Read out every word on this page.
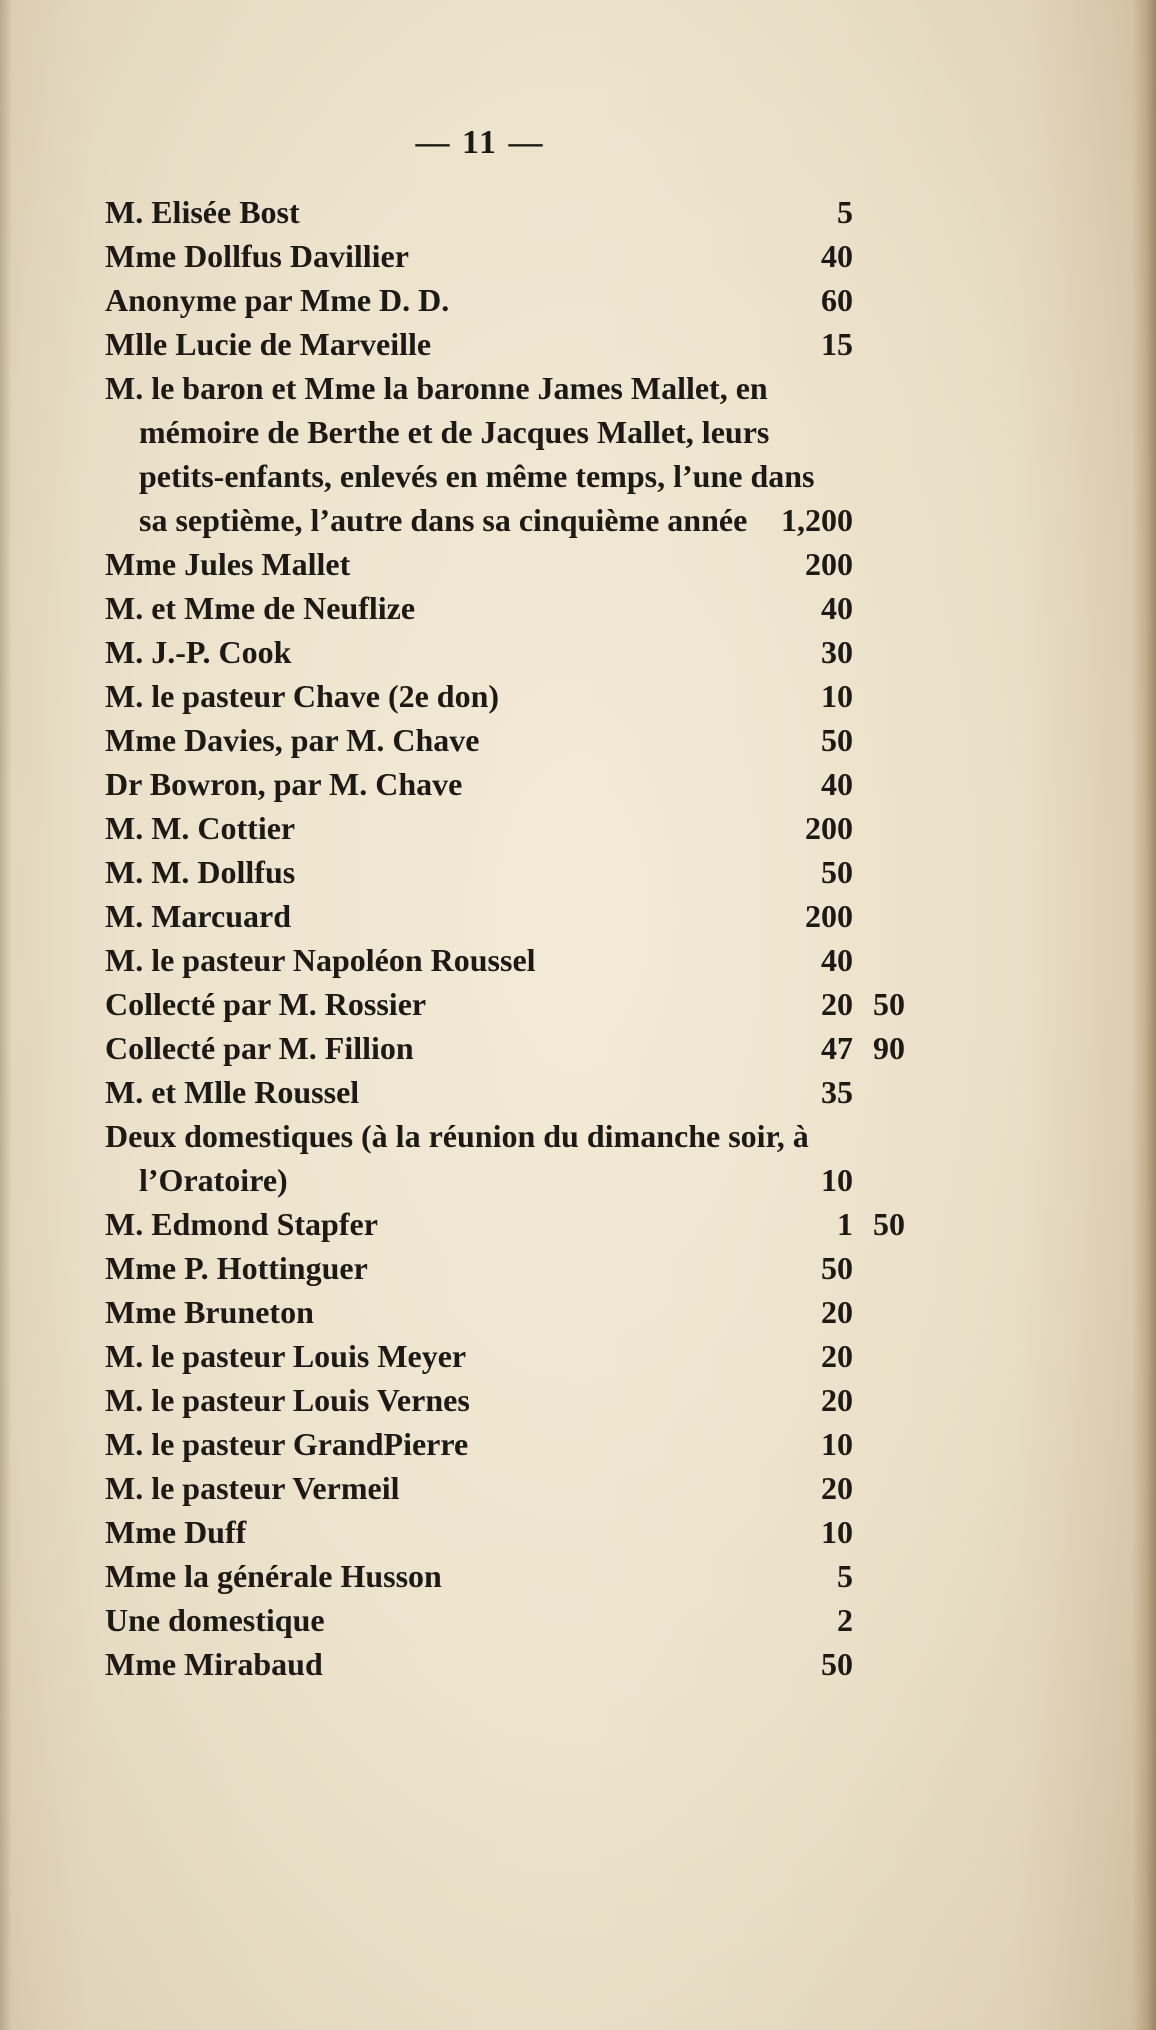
— 11 —
M. Elisée Bost	5
Mme Dollfus Davillier	40
Anonyme par Mme D. D.	60
Mlle Lucie de Marveille	15
M. le baron et Mme la baronne James Mallet, en mémoire de Berthe et de Jacques Mallet, leurs petits-enfants, enlevés en même temps, l’une dans sa septième, l’autre dans sa cinquième année	1,200
Mme Jules Mallet	200
M. et Mme de Neuflize	40
M. J.-P. Cook	30
M. le pasteur Chave (2e don)	10
Mme Davies, par M. Chave	50
Dr Bowron, par M. Chave	40
M. M. Cottier	200
M. M. Dollfus	50
M. Marcuard	200
M. le pasteur Napoléon Roussel	40
Collecté par M. Rossier	20 50
Collecté par M. Fillion	47 90
M. et Mlle Roussel	35
Deux domestiques (à la réunion du dimanche soir, à l’Oratoire)	10
M. Edmond Stapfer	1 50
Mme P. Hottinguer	50
Mme Bruneton	20
M. le pasteur Louis Meyer	20
M. le pasteur Louis Vernes	20
M. le pasteur GrandPierre	10
M. le pasteur Vermeil	20
Mme Duff	10
Mme la générale Husson	5
Une domestique	2
Mme Mirabaud	50
